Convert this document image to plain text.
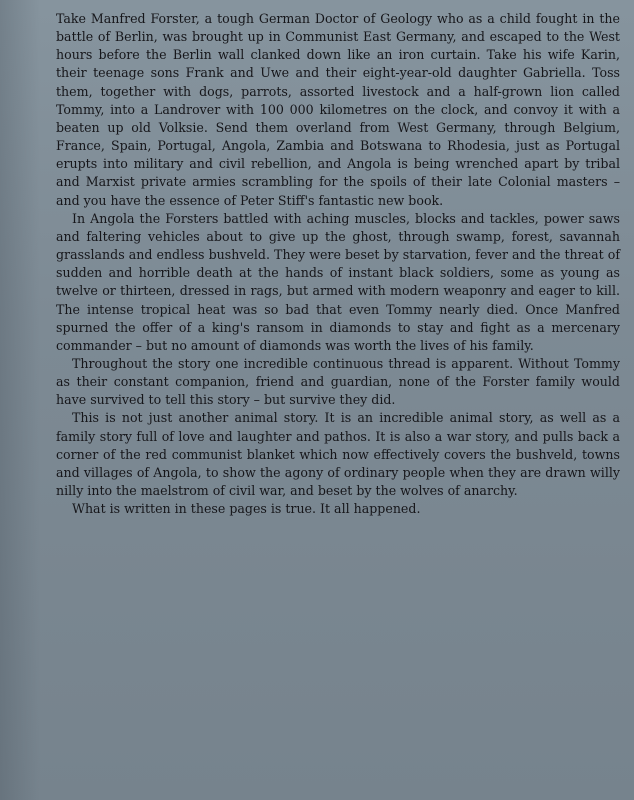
Take Manfred Forster, a tough German Doctor of Geology who as a child fought in the battle of Berlin, was brought up in Communist East Germany, and escaped to the West hours before the Berlin wall clanked down like an iron curtain. Take his wife Karin, their teenage sons Frank and Uwe and their eight-year-old daughter Gabriella. Toss them, together with dogs, parrots, assorted livestock and a half-grown lion called Tommy, into a Landrover with 100 000 kilometres on the clock, and convoy it with a beaten up old Volksie. Send them overland from West Germany, through Belgium, France, Spain, Portugal, Angola, Zambia and Botswana to Rhodesia, just as Portugal erupts into military and civil rebellion, and Angola is being wrenched apart by tribal and Marxist private armies scrambling for the spoils of their late Colonial masters – and you have the essence of Peter Stiff's fantastic new book.

In Angola the Forsters battled with aching muscles, blocks and tackles, power saws and faltering vehicles about to give up the ghost, through swamp, forest, savannah grasslands and endless bushveld. They were beset by starvation, fever and the threat of sudden and horrible death at the hands of instant black soldiers, some as young as twelve or thirteen, dressed in rags, but armed with modern weaponry and eager to kill. The intense tropical heat was so bad that even Tommy nearly died. Once Manfred spurned the offer of a king's ransom in diamonds to stay and fight as a mercenary commander – but no amount of diamonds was worth the lives of his family.

Throughout the story one incredible continuous thread is apparent. Without Tommy as their constant companion, friend and guardian, none of the Forster family would have survived to tell this story – but survive they did.

This is not just another animal story. It is an incredible animal story, as well as a family story full of love and laughter and pathos. It is also a war story, and pulls back a corner of the red communist blanket which now effectively covers the bushveld, towns and villages of Angola, to show the agony of ordinary people when they are drawn willy nilly into the maelstrom of civil war, and beset by the wolves of anarchy.

What is written in these pages is true. It all happened.
